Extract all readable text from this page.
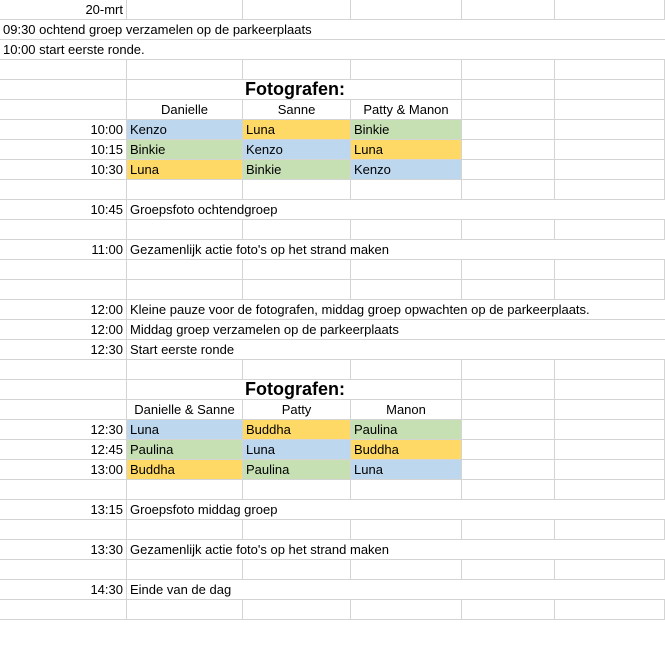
20-mrt
09:30 ochtend groep verzamelen op de parkeerplaats
10:00 start eerste ronde.
Fotografen:
Danielle	Sanne	Patty & Manon
10:00 Kenzo	Luna	Binkie
10:15 Binkie	Kenzo	Luna
10:30 Luna	Binkie	Kenzo
10:45 Groepsfoto ochtendgroep
11:00 Gezamenlijk actie foto's op het strand maken
12:00 Kleine pauze voor de fotografen, middag groep opwachten op de parkeerplaats.
12:00 Middag groep verzamelen op de parkeerplaats
12:30 Start eerste ronde
Fotografen:
Danielle & Sanne	Patty	Manon
12:30 Luna	Buddha	Paulina
12:45 Paulina	Luna	Buddha
13:00 Buddha	Paulina	Luna
13:15 Groepsfoto middag groep
13:30 Gezamenlijk actie foto's op het strand maken
14:30 Einde van de dag
